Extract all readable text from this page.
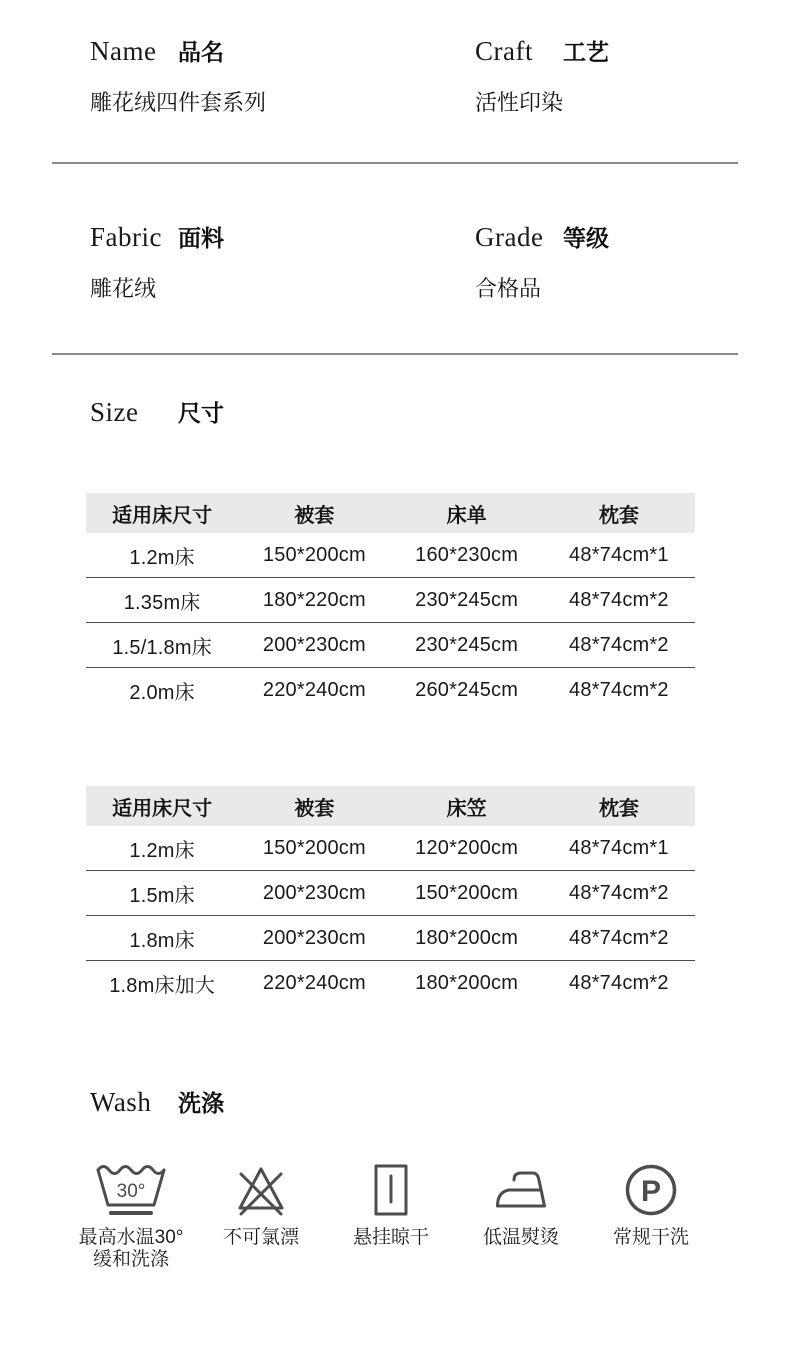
Name 品名
雕花绒四件套系列
Craft	工艺
活性印染
Fabric 面料
雕花绒
Grade 等级
合格品
Size	尺寸
适用床尺寸	被套	床单	枕套
1.2m床	150*200cm	160*230cm	48*74cm*1
1.35m床	180*220cm	230*245cm	48*74cm*2
1.5/1.8m床	200*230cm	230*245cm	48*74cm*2
2.0m床	220*240cm	260*245cm	48*74cm*2
适用床尺寸	被套	床笠	枕套
1.2m床	150*200cm	120*200cm	48*74cm*1
1.5m床	200*230cm	150*200cm	48*74cm*2
1.8m床	200*230cm	180*200cm	48*74cm*2
1.8m床加大	220*240cm	180*200cm	48*74cm*2
Wash	洗涤
30°
最高水温30°
缓和洗涤
不可氯漂	悬挂晾干	低温熨烫
P
常规干洗
